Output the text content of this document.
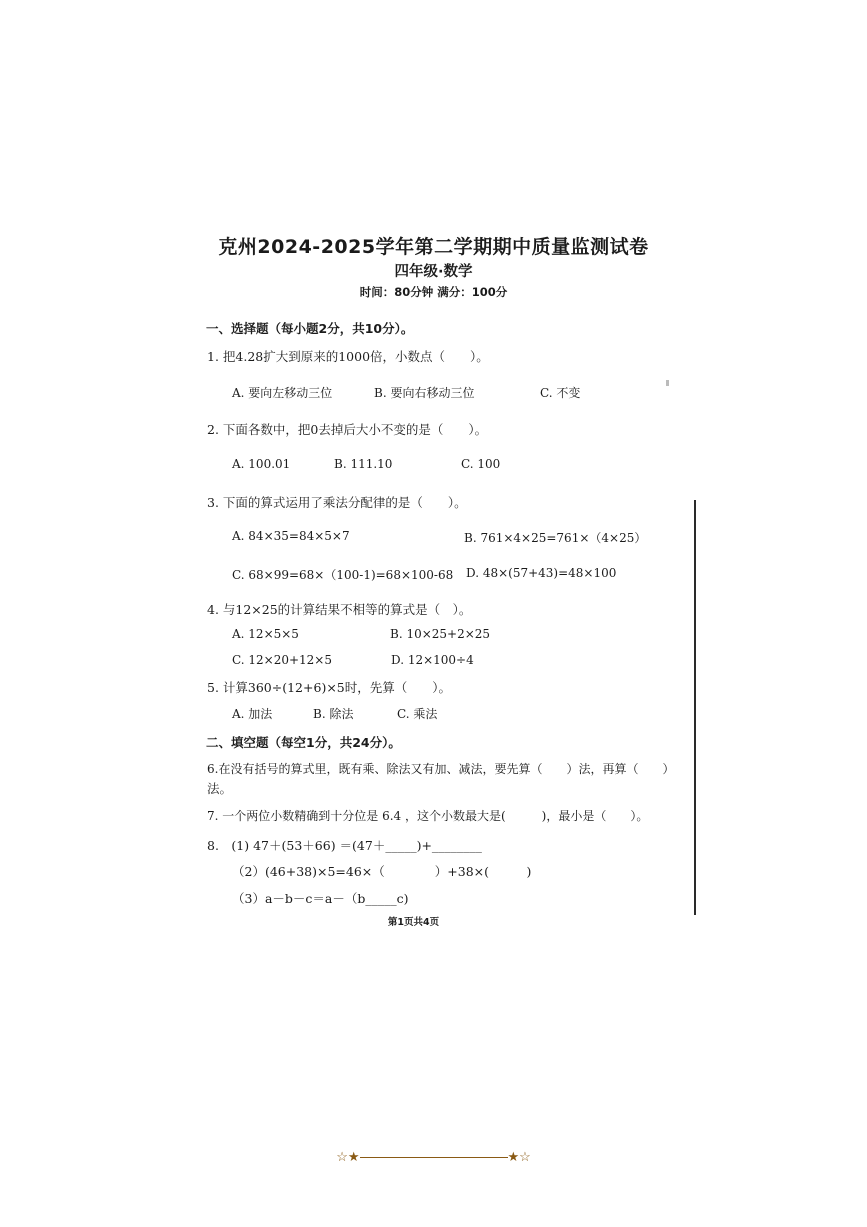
克州2024-2025学年第二学期期中质量监测试卷
四年级·数学
时间：80分钟 满分：100分
一、选择题（每小题2分，共10分）。
1. 把4.28扩大到原来的1000倍，小数点（　　）。
A. 要向左移动三位	B. 要向右移动三位	C. 不变
2. 下面各数中，把0去掉后大小不变的是（　　）。
A. 100.01	B. 111.10	C. 100
3. 下面的算式运用了乘法分配律的是（　　）。
A. 84×35=84×5×7	B. 761×4×25=761×（4×25）
C. 68×99=68×（100-1)=68×100-68 D. 48×(57+43)=48×100
4. 与12×25的计算结果不相等的算式是（　）。
A. 12×5×5	B. 10×25+2×25
C. 12×20+12×5	D. 12×100÷4
5. 计算360÷(12+6)×5时，先算（　　）。
A. 加法	B. 除法	C. 乘法
二、填空题（每空1分，共24分）。
6.在没有括号的算式里，既有乘、除法又有加、减法，要先算（　　）法，再算（　　）
法。
7. 一个两位小数精确到十分位是 6.4 ，这个小数最大是(　　　)，最小是（　　）。
8.　(1) 47＋(53＋66) ＝(47＋_____)+________
（2）(46+38)×5=46×（　　　　）+38×(　　　)
（3）a－b－c＝a－（b_____c)
第1页共4页
☆★	★☆
